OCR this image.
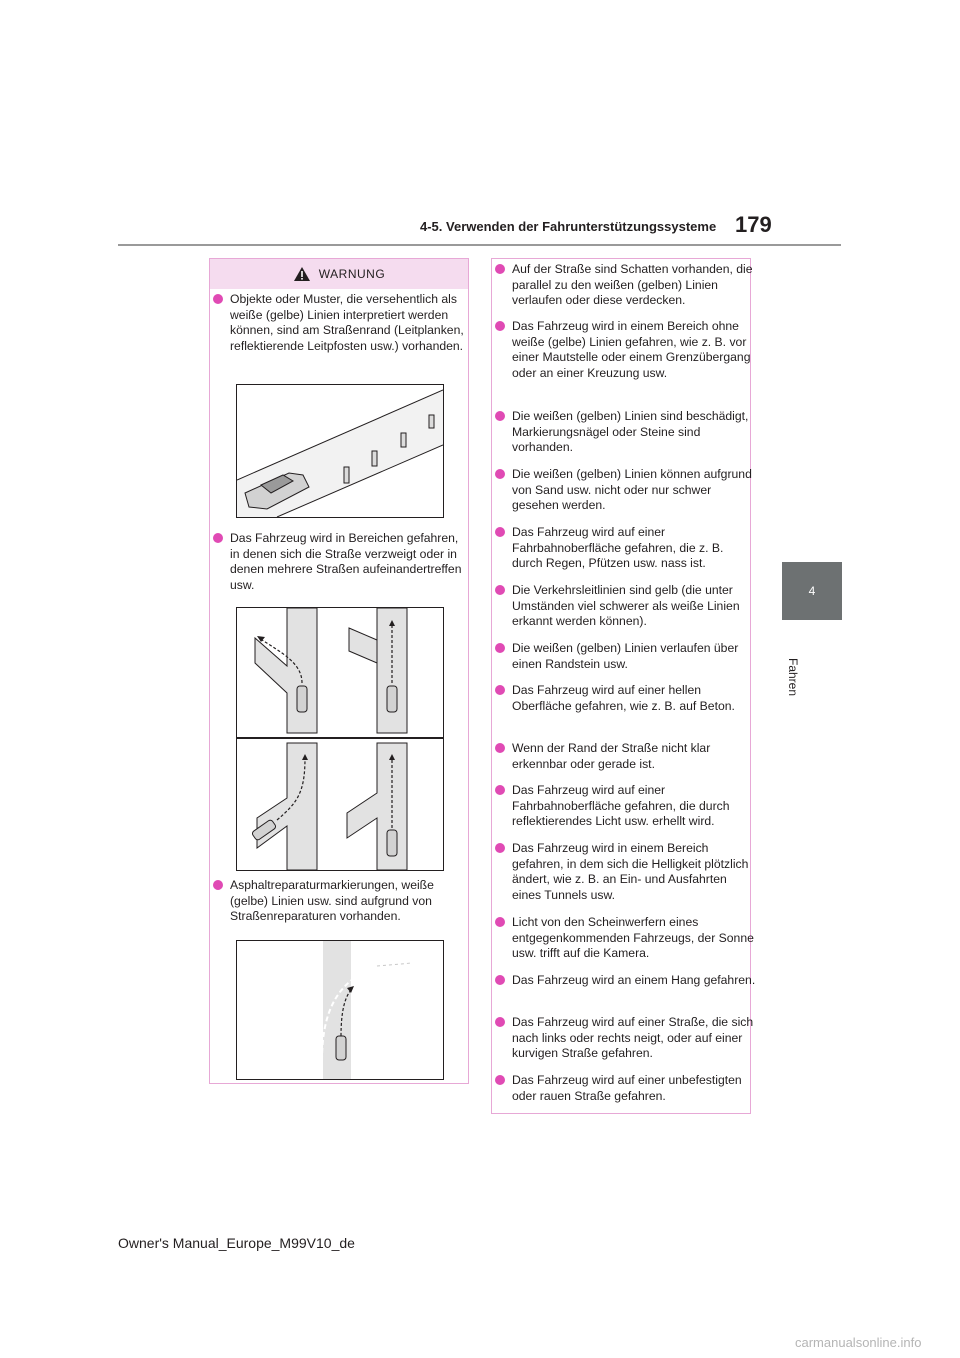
4-5. Verwenden der Fahrunterstützungssysteme 179
4
Fahren
WARNUNG
Objekte oder Muster, die versehentlich als weiße (gelbe) Linien interpretiert werden können, sind am Straßenrand (Leitplanken, reflektierende Leitpfosten usw.) vorhanden.
Das Fahrzeug wird in Bereichen gefahren, in denen sich die Straße verzweigt oder in denen mehrere Straßen aufeinandertreffen usw.
Asphaltreparaturmarkierungen, weiße (gelbe) Linien usw. sind aufgrund von Straßenreparaturen vorhanden.
Auf der Straße sind Schatten vorhanden, die parallel zu den weißen (gelben) Linien verlaufen oder diese verdecken.
Das Fahrzeug wird in einem Bereich ohne weiße (gelbe) Linien gefahren, wie z. B. vor einer Mautstelle oder einem Grenzübergang oder an einer Kreuzung usw.
Die weißen (gelben) Linien sind beschädigt, Markierungsnägel oder Steine sind vorhanden.
Die weißen (gelben) Linien können aufgrund von Sand usw. nicht oder nur schwer gesehen werden.
Das Fahrzeug wird auf einer Fahrbahnoberfläche gefahren, die z. B. durch Regen, Pfützen usw. nass ist.
Die Verkehrsleitlinien sind gelb (die unter Umständen viel schwerer als weiße Linien erkannt werden können).
Die weißen (gelben) Linien verlaufen über einen Randstein usw.
Das Fahrzeug wird auf einer hellen Oberfläche gefahren, wie z. B. auf Beton.
Wenn der Rand der Straße nicht klar erkennbar oder gerade ist.
Das Fahrzeug wird auf einer Fahrbahnoberfläche gefahren, die durch reflektierendes Licht usw. erhellt wird.
Das Fahrzeug wird in einem Bereich gefahren, in dem sich die Helligkeit plötzlich ändert, wie z. B. an Ein- und Ausfahrten eines Tunnels usw.
Licht von den Scheinwerfern eines entgegenkommenden Fahrzeugs, der Sonne usw. trifft auf die Kamera.
Das Fahrzeug wird an einem Hang gefahren.
Das Fahrzeug wird auf einer Straße, die sich nach links oder rechts neigt, oder auf einer kurvigen Straße gefahren.
Das Fahrzeug wird auf einer unbefestigten oder rauen Straße gefahren.
Owner's Manual_Europe_M99V10_de
carmanualsonline.info
